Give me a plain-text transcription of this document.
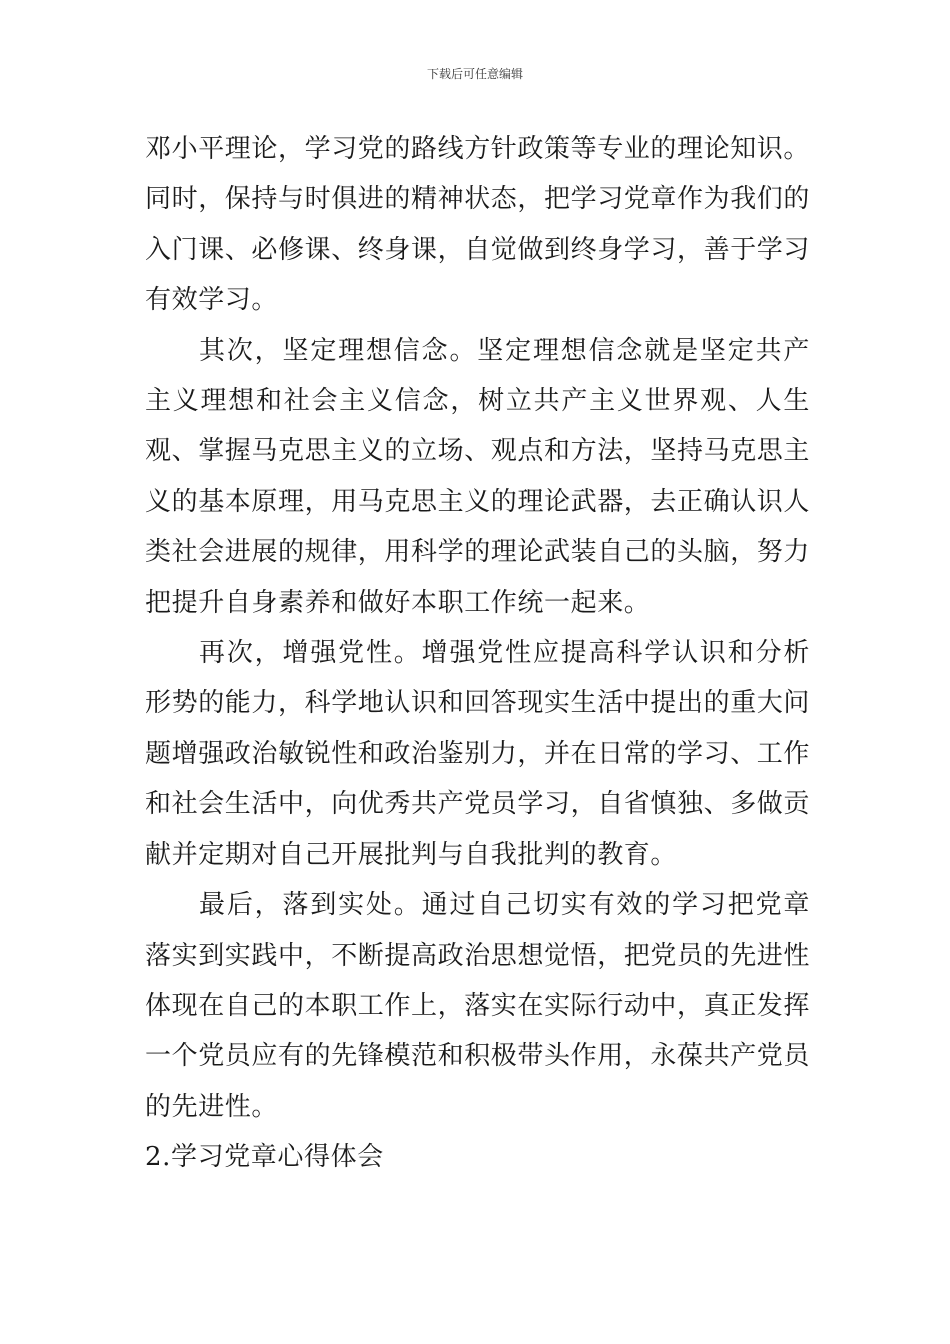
下载后可任意编辑

邓小平理论，学习党的路线方针政策等专业的理论知识。同时，保持与时俱进的精神状态，把学习党章作为我们的入门课、必修课、终身课，自觉做到终身学习，善于学习有效学习。

其次，坚定理想信念。坚定理想信念就是坚定共产主义理想和社会主义信念，树立共产主义世界观、人生观、掌握马克思主义的立场、观点和方法，坚持马克思主义的基本原理，用马克思主义的理论武器，去正确认识人类社会进展的规律，用科学的理论武装自己的头脑，努力把提升自身素养和做好本职工作统一起来。

再次，增强党性。增强党性应提高科学认识和分析形势的能力，科学地认识和回答现实生活中提出的重大问题增强政治敏锐性和政治鉴别力，并在日常的学习、工作和社会生活中，向优秀共产党员学习，自省慎独、多做贡献并定期对自己开展批判与自我批判的教育。

最后，落到实处。通过自己切实有效的学习把党章落实到实践中，不断提高政治思想觉悟，把党员的先进性体现在自己的本职工作上，落实在实际行动中，真正发挥一个党员应有的先锋模范和积极带头作用，永葆共产党员的先进性。

2.学习党章心得体会
